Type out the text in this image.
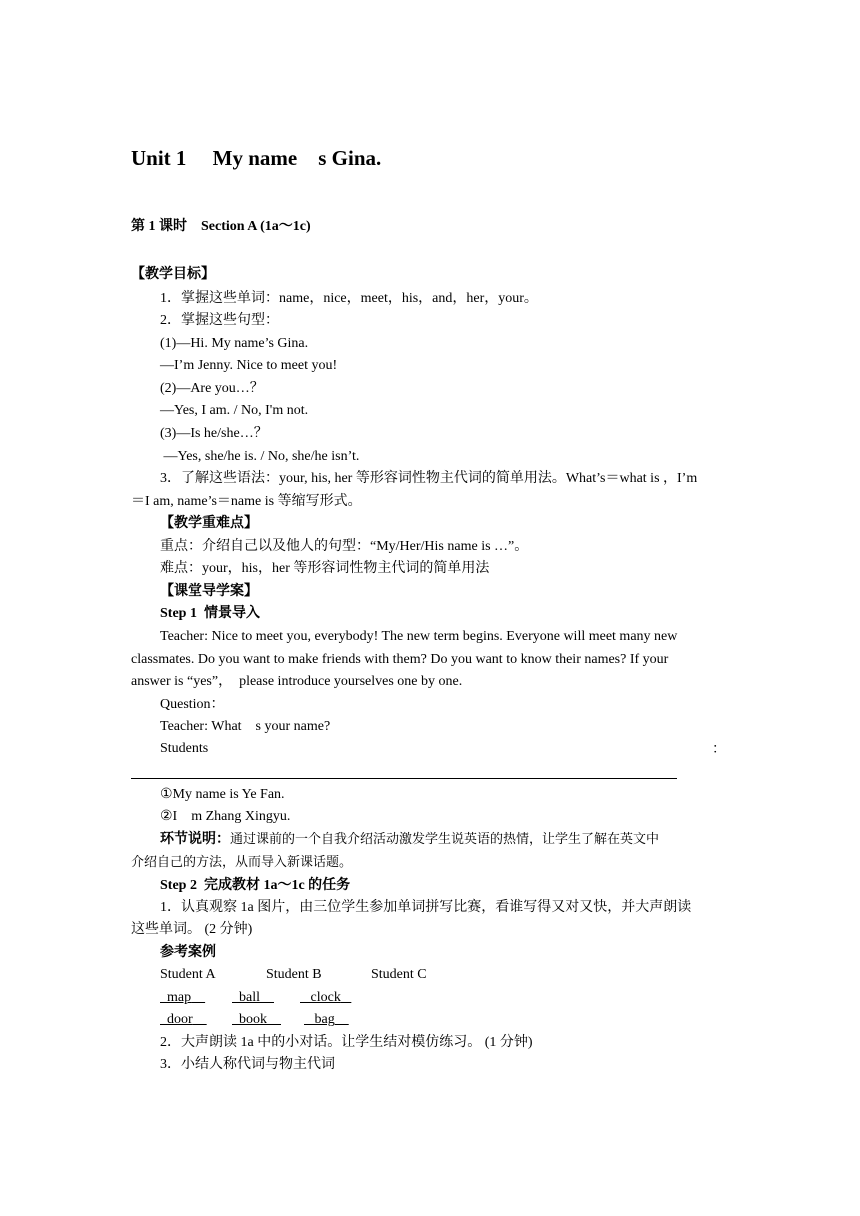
Unit 1　 My name　s Gina.
第 1 课时　Section A (1a～1c)
【教学目标】
1．掌握这些单词：name，nice，meet，his，and，her，your。
2．掌握这些句型：
(1)—Hi. My name’s Gina.
—I’m Jenny. Nice to meet you!
(2)—Are you…？
—Yes, I am. / No, I'm not.
(3)—Is he/she…？
—Yes, she/he is. / No, she/he isn’t.
3．了解这些语法：your, his, her 等形容词性物主代词的简单用法。What’s＝what is ，I’m
＝I am, name’s＝name is 等缩写形式。
【教学重难点】
重点：介绍自己以及他人的句型：“My/Her/His name is …”。
难点：your，his，her 等形容词性物主代词的简单用法
【课堂导学案】
Step 1  情景导入
Teacher: Nice to meet you, everybody! The new term begins. Everyone will meet many new
classmates. Do you want to make friends with them? Do you want to know their names? If your
answer is “yes”，  please introduce yourselves one by one.
Question：
Teacher: What　s your name?
Students	：
①My name is Ye Fan.
②I　m Zhang Xingyu.
环节说明：通过课前的一个自我介绍活动激发学生说英语的热情，让学生了解在英文中
介绍自己的方法，从而导入新课话题。
Step 2  完成教材 1a～1c 的任务
1．认真观察 1a 图片，由三位学生参加单词拼写比赛，看谁写得又对又快，并大声朗读
这些单词。 (2 分钟)
参考案例
Student A	Student B	Student C
map	ball	clock
door	book	bag
2．大声朗读 1a 中的小对话。让学生结对模仿练习。 (1 分钟)
3．小结人称代词与物主代词
